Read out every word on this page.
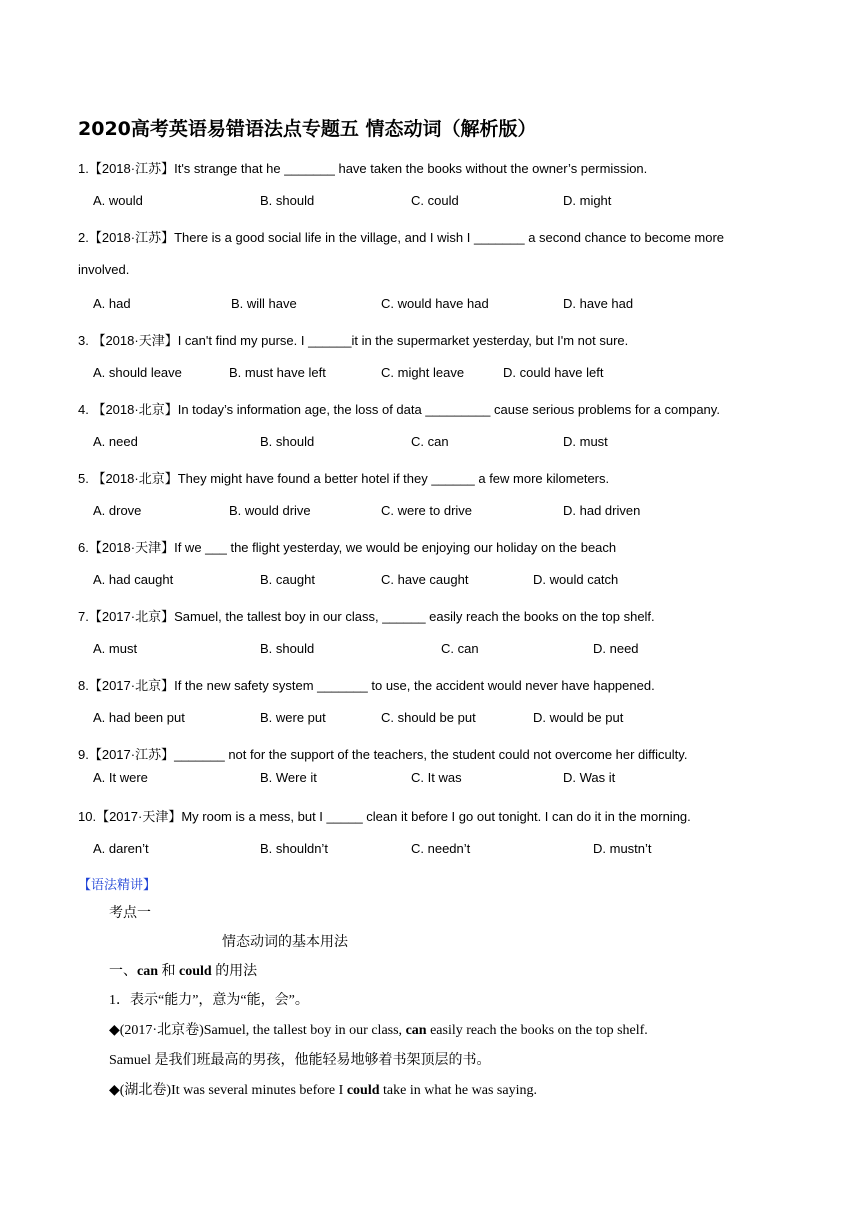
2020高考英语易错语法点专题五 情态动词（解析版）
1.【2018·江苏】It's strange that he _______ have taken the books without the owner’s permission.
A. would	B. should	C. could	D. might
2.【2018·江苏】There is a good social life in the village, and I wish I _______ a second chance to become more
involved.
A. had	B. will have	C. would have had	D. have had
3. 【2018·天津】I can't find my purse. I ______it in the supermarket yesterday, but I'm not sure.
A. should leave	B. must have left	C. might leave	D. could have left
4. 【2018·北京】In today’s information age, the loss of data _________ cause serious problems for a company.
A. need	B. should	C. can	D. must
5. 【2018·北京】They might have found a better hotel if they ______ a few more kilometers.
A. drove	B. would drive	C. were to drive	D. had driven
6.【2018·天津】If we ___ the flight yesterday, we would be enjoying our holiday on the beach
A. had caught	B. caught	C. have caught	D. would catch
7.【2017·北京】Samuel, the tallest boy in our class, ______ easily reach the books on the top shelf.
A. must	B. should	C. can	D. need
8.【2017·北京】If the new safety system _______ to use, the accident would never have happened.
A. had been put	B. were put	C. should be put	D. would be put
9.【2017·江苏】_______ not for the support of the teachers, the student could not overcome her difficulty.
A. It were	B. Were it	C. It was	D. Was it
10.【2017·天津】My room is a mess, but I _____ clean it before I go out tonight. I can do it in the morning.
A. daren’t	B. shouldn’t	C. needn’t	D. mustn’t
【语法精讲】
考点一
情态动词的基本用法
一、can 和 could 的用法
1．表示“能力”，意为“能，会”。
◆(2017·北京卷)Samuel, the tallest boy in our class, can easily reach the books on the top shelf.
Samuel 是我们班最高的男孩，他能轻易地够着书架顶层的书。
◆(湖北卷)It was several minutes before I could take in what he was saying.
